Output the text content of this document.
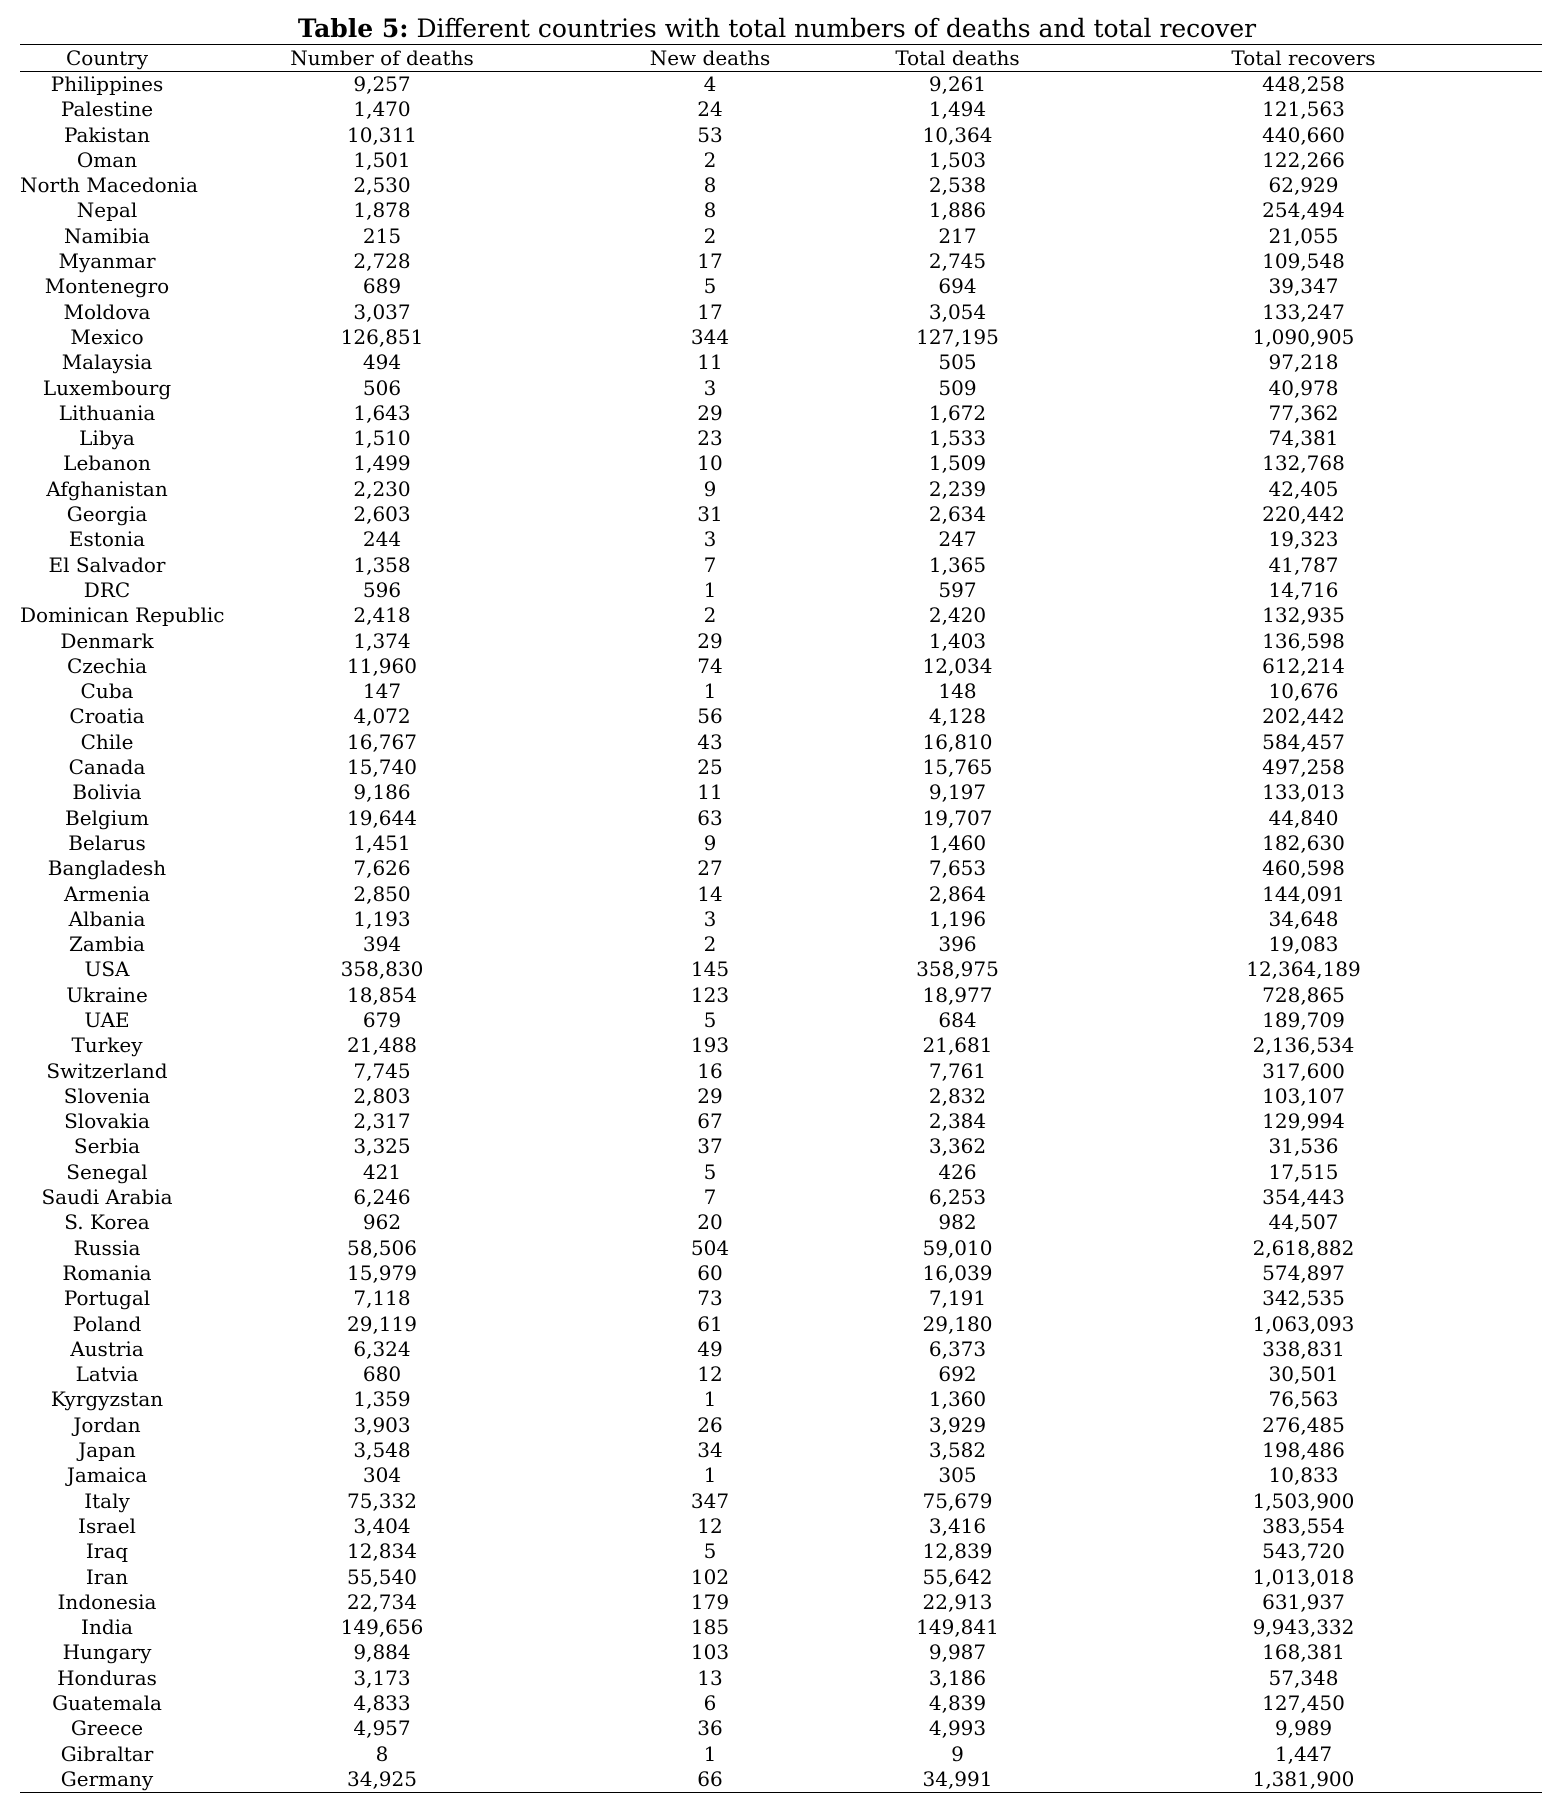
Table 5: Different countries with total numbers of deaths and total recover
Country	Number of deaths	New deaths	Total deaths	Total recovers
Philippines	9,257	4	9,261	448,258
Palestine	1,470	24	1,494	121,563
Pakistan	10,311	53	10,364	440,660
Oman	1,501	2	1,503	122,266
North Macedonia	2,530	8	2,538	62,929
Nepal	1,878	8	1,886	254,494
Namibia	215	2	217	21,055
Myanmar	2,728	17	2,745	109,548
Montenegro	689	5	694	39,347
Moldova	3,037	17	3,054	133,247
Mexico	126,851	344	127,195	1,090,905
Malaysia	494	11	505	97,218
Luxembourg	506	3	509	40,978
Lithuania	1,643	29	1,672	77,362
Libya	1,510	23	1,533	74,381
Lebanon	1,499	10	1,509	132,768
Afghanistan	2,230	9	2,239	42,405
Georgia	2,603	31	2,634	220,442
Estonia	244	3	247	19,323
El Salvador	1,358	7	1,365	41,787
DRC	596	1	597	14,716
Dominican Republic	2,418	2	2,420	132,935
Denmark	1,374	29	1,403	136,598
Czechia	11,960	74	12,034	612,214
Cuba	147	1	148	10,676
Croatia	4,072	56	4,128	202,442
Chile	16,767	43	16,810	584,457
Canada	15,740	25	15,765	497,258
Bolivia	9,186	11	9,197	133,013
Belgium	19,644	63	19,707	44,840
Belarus	1,451	9	1,460	182,630
Bangladesh	7,626	27	7,653	460,598
Armenia	2,850	14	2,864	144,091
Albania	1,193	3	1,196	34,648
Zambia	394	2	396	19,083
USA	358,830	145	358,975	12,364,189
Ukraine	18,854	123	18,977	728,865
UAE	679	5	684	189,709
Turkey	21,488	193	21,681	2,136,534
Switzerland	7,745	16	7,761	317,600
Slovenia	2,803	29	2,832	103,107
Slovakia	2,317	67	2,384	129,994
Serbia	3,325	37	3,362	31,536
Senegal	421	5	426	17,515
Saudi Arabia	6,246	7	6,253	354,443
S. Korea	962	20	982	44,507
Russia	58,506	504	59,010	2,618,882
Romania	15,979	60	16,039	574,897
Portugal	7,118	73	7,191	342,535
Poland	29,119	61	29,180	1,063,093
Austria	6,324	49	6,373	338,831
Latvia	680	12	692	30,501
Kyrgyzstan	1,359	1	1,360	76,563
Jordan	3,903	26	3,929	276,485
Japan	3,548	34	3,582	198,486
Jamaica	304	1	305	10,833
Italy	75,332	347	75,679	1,503,900
Israel	3,404	12	3,416	383,554
Iraq	12,834	5	12,839	543,720
Iran	55,540	102	55,642	1,013,018
Indonesia	22,734	179	22,913	631,937
India	149,656	185	149,841	9,943,332
Hungary	9,884	103	9,987	168,381
Honduras	3,173	13	3,186	57,348
Guatemala	4,833	6	4,839	127,450
Greece	4,957	36	4,993	9,989
Gibraltar	8	1	9	1,447
Germany	34,925	66	34,991	1,381,900
